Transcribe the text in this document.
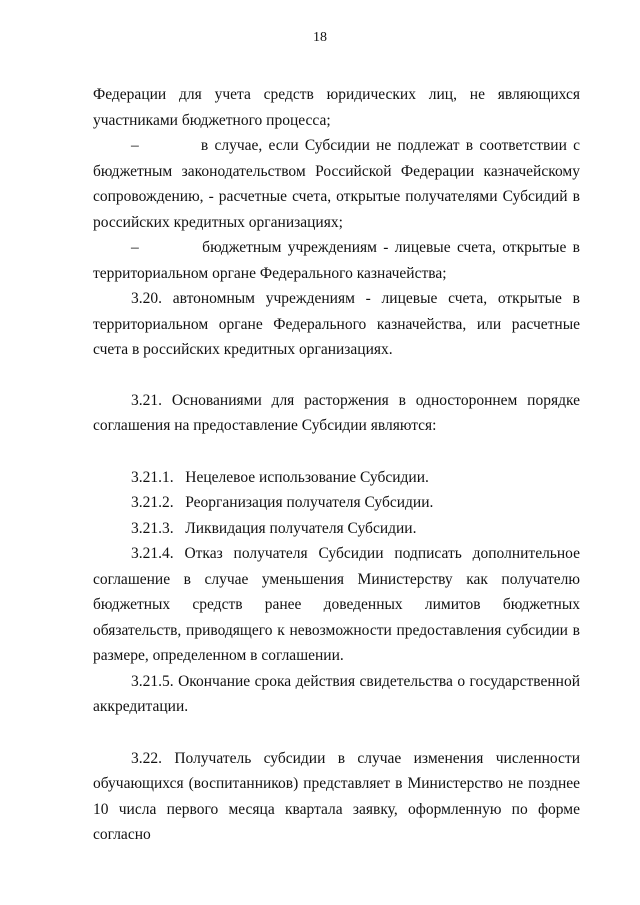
18

Федерации для учета средств юридических лиц, не являющихся участниками бюджетного процесса;

–          в случае, если Субсидии не подлежат в соответствии с бюджетным законодательством Российской Федерации казначейскому сопровождению, - расчетные счета, открытые получателями Субсидий в российских кредитных организациях;

–          бюджетным учреждениям - лицевые счета, открытые в территориальном органе Федерального казначейства;

3.20. автономным учреждениям - лицевые счета, открытые в территориальном органе Федерального казначейства, или расчетные счета в российских кредитных организациях.

3.21. Основаниями для расторжения в одностороннем порядке соглашения на предоставление Субсидии являются:

3.21.1.   Нецелевое использование Субсидии.

3.21.2.   Реорганизация получателя Субсидии.

3.21.3.   Ликвидация получателя Субсидии.

3.21.4. Отказ получателя Субсидии подписать дополнительное соглашение в случае уменьшения Министерству как получателю бюджетных средств ранее доведенных лимитов бюджетных обязательств, приводящего к невозможности предоставления субсидии в размере, определенном в соглашении.

3.21.5. Окончание срока действия свидетельства о государственной аккредитации.

3.22. Получатель субсидии в случае изменения численности обучающихся (воспитанников) представляет в Министерство не позднее 10 числа первого месяца квартала заявку, оформленную по форме согласно
